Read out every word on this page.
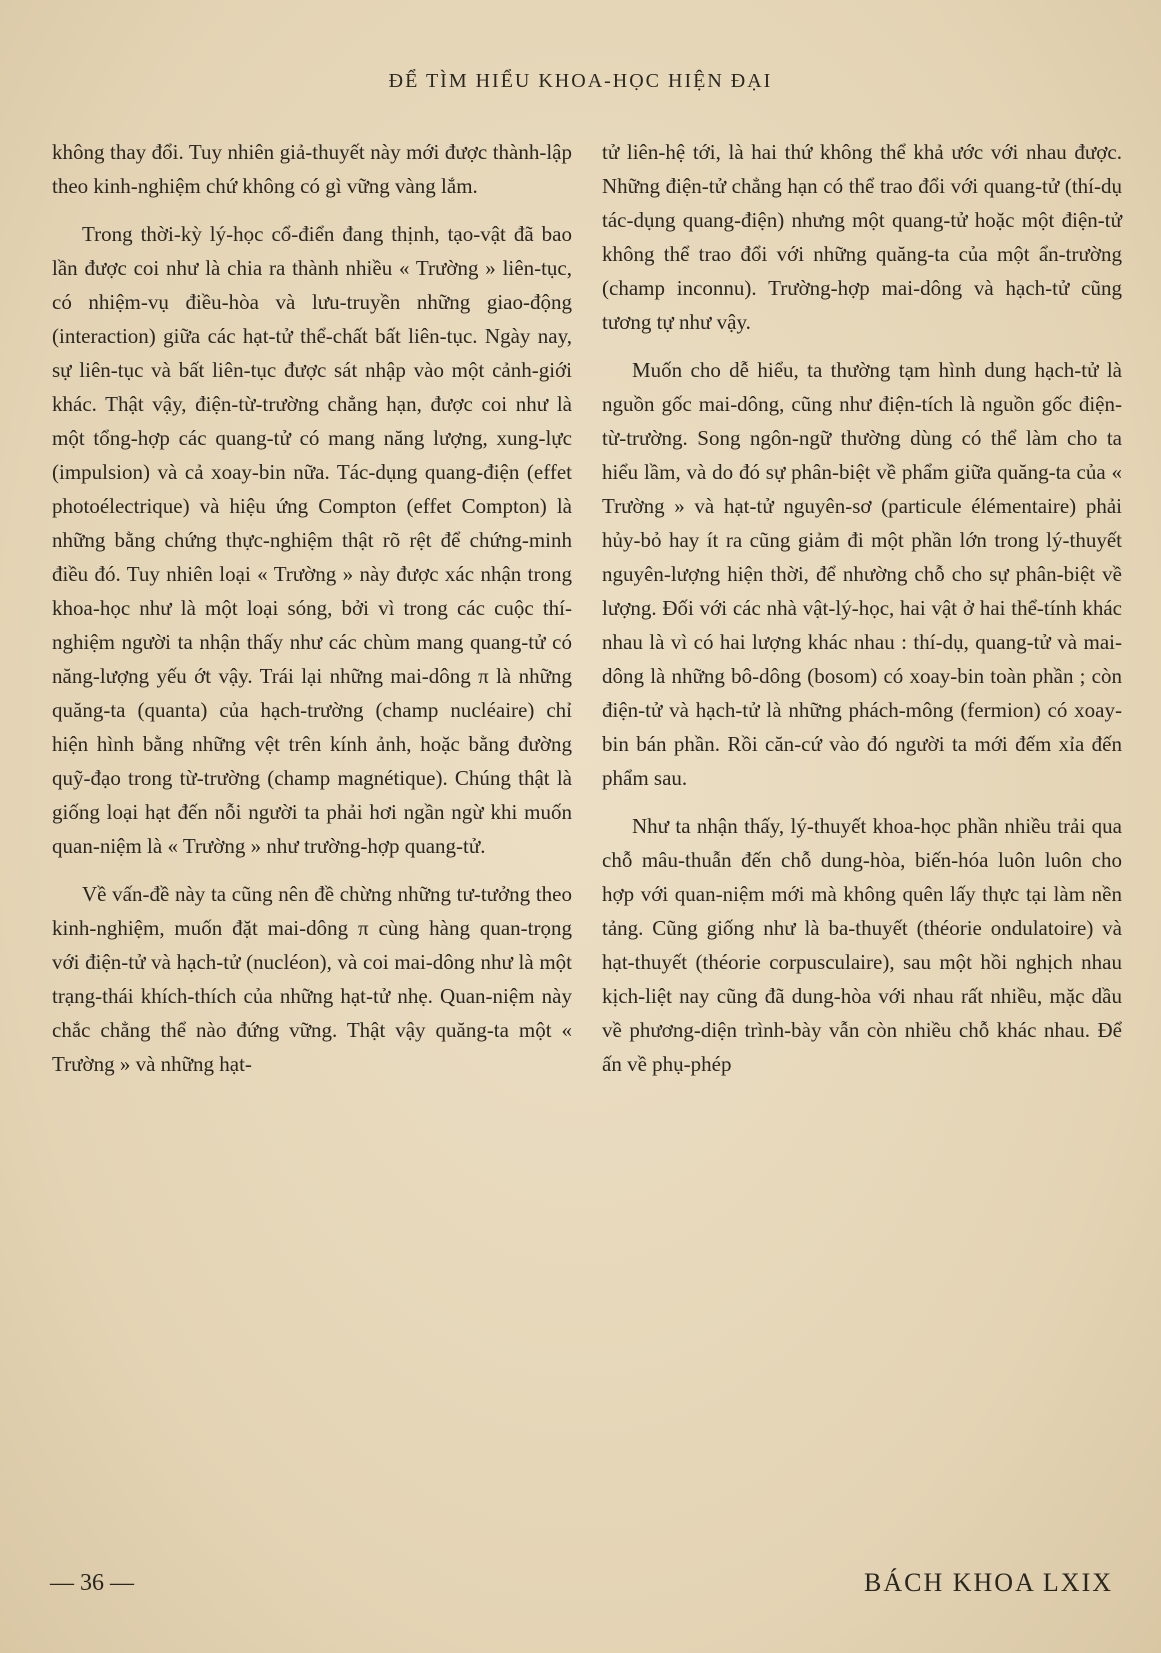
ĐỂ TÌM HIỂU KHOA-HỌC HIỆN ĐẠI

không thay đổi. Tuy nhiên giả-thuyết này mới được thành-lập theo kinh-nghiệm chứ không có gì vững vàng lắm.

Trong thời-kỳ lý-học cổ-điển đang thịnh, tạo-vật đã bao lần được coi như là chia ra thành nhiều « Trường » liên-tục, có nhiệm-vụ điều-hòa và lưu-truyền những giao-động (interaction) giữa các hạt-tử thể-chất bất liên-tục. Ngày nay, sự liên-tục và bất liên-tục được sát nhập vào một cảnh-giới khác. Thật vậy, điện-từ-trường chẳng hạn, được coi như là một tổng-hợp các quang-tử có mang năng lượng, xung-lực (impulsion) và cả xoay-bin nữa. Tác-dụng quang-điện (effet photoélectrique) và hiệu ứng Compton (effet Compton) là những bằng chứng thực-nghiệm thật rõ rệt để chứng-minh điều đó. Tuy nhiên loại « Trường » này được xác nhận trong khoa-học như là một loại sóng, bởi vì trong các cuộc thí-nghiệm người ta nhận thấy như các chùm mang quang-tử có năng-lượng yếu ớt vậy. Trái lại những mai-dông π là những quăng-ta (quanta) của hạch-trường (champ nucléaire) chỉ hiện hình bằng những vệt trên kính ảnh, hoặc bằng đường quỹ-đạo trong từ-trường (champ magnétique). Chúng thật là giống loại hạt đến nỗi người ta phải hơi ngần ngừ khi muốn quan-niệm là « Trường » như trường-hợp quang-tử.

Về vấn-đề này ta cũng nên đề chừng những tư-tưởng theo kinh-nghiệm, muốn đặt mai-dông π cùng hàng quan-trọng với điện-tử và hạch-tử (nucléon), và coi mai-dông như là một trạng-thái khích-thích của những hạt-tử nhẹ. Quan-niệm này chắc chẳng thể nào đứng vững. Thật vậy quăng-ta một « Trường » và những hạt-

tử liên-hệ tới, là hai thứ không thể khả ước với nhau được. Những điện-tử chẳng hạn có thể trao đổi với quang-tử (thí-dụ tác-dụng quang-điện) nhưng một quang-tử hoặc một điện-tử không thể trao đổi với những quăng-ta của một ẩn-trường (champ inconnu). Trường-hợp mai-dông và hạch-tử cũng tương tự như vậy.

Muốn cho dễ hiểu, ta thường tạm hình dung hạch-tử là nguồn gốc mai-dông, cũng như điện-tích là nguồn gốc điện-từ-trường. Song ngôn-ngữ thường dùng có thể làm cho ta hiểu lầm, và do đó sự phân-biệt về phẩm giữa quăng-ta của « Trường » và hạt-tử nguyên-sơ (particule élémentaire) phải hủy-bỏ hay ít ra cũng giảm đi một phần lớn trong lý-thuyết nguyên-lượng hiện thời, để nhường chỗ cho sự phân-biệt về lượng. Đối với các nhà vật-lý-học, hai vật ở hai thể-tính khác nhau là vì có hai lượng khác nhau : thí-dụ, quang-tử và mai-dông là những bô-dông (bosom) có xoay-bin toàn phần ; còn điện-tử và hạch-tử là những phách-mông (fermion) có xoay-bin bán phần. Rồi căn-cứ vào đó người ta mới đếm xỉa đến phẩm sau.

Như ta nhận thấy, lý-thuyết khoa-học phần nhiều trải qua chỗ mâu-thuẫn đến chỗ dung-hòa, biến-hóa luôn luôn cho hợp với quan-niệm mới mà không quên lấy thực tại làm nền tảng. Cũng giống như là ba-thuyết (théorie ondulatoire) và hạt-thuyết (théorie corpusculaire), sau một hồi nghịch nhau kịch-liệt nay cũng đã dung-hòa với nhau rất nhiều, mặc dầu về phương-diện trình-bày vẫn còn nhiều chỗ khác nhau. Để ấn về phụ-phép

— 36 —	BÁCH KHOA LXIX
